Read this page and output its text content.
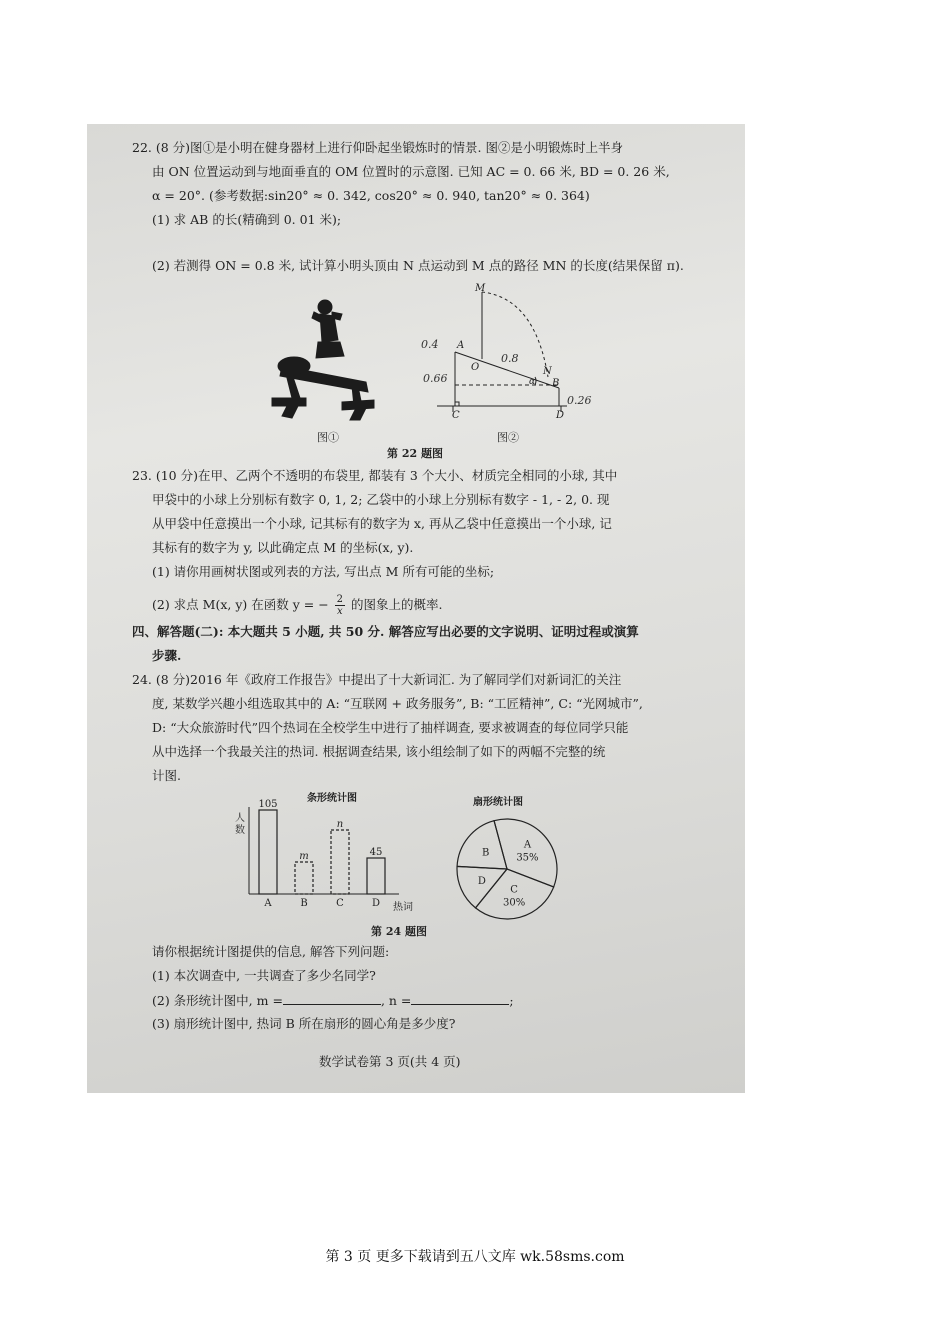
22. (8 分)图①是小明在健身器材上进行仰卧起坐锻炼时的情景. 图②是小明锻炼时上半身
由 ON 位置运动到与地面垂直的 OM 位置时的示意图. 已知 AC = 0. 66 米, BD = 0. 26 米,
α = 20°. (参考数据:sin20° ≈ 0. 342, cos20° ≈ 0. 940, tan20° ≈ 0. 364)
(1) 求 AB 的长(精确到 0. 01 米);
(2) 若测得 ON = 0.8 米, 试计算小明头顶由 N 点运动到 M 点的路径 MN 的长度(结果保留 π).
图①
M
A
O	N
B
C	D
α
0.4
0.66
0.26
0.8
图②
第 22 题图
23. (10 分)在甲、乙两个不透明的布袋里, 都装有 3 个大小、材质完全相同的小球, 其中
甲袋中的小球上分别标有数字 0, 1, 2; 乙袋中的小球上分别标有数字 - 1, - 2, 0. 现
从甲袋中任意摸出一个小球, 记其标有的数字为 x, 再从乙袋中任意摸出一个小球, 记
其标有的数字为 y, 以此确定点 M 的坐标(x, y).
(1) 请你用画树状图或列表的方法, 写出点 M 所有可能的坐标;
(2) 求点 M(x, y) 在函数 y = − $\frac{2}{x}$ 的图象上的概率.
四、解答题(二): 本大题共 5 小题, 共 50 分. 解答应写出必要的文字说明、证明过程或演算
步骤.
24. (8 分)2016 年《政府工作报告》中提出了十大新词汇. 为了解同学们对新词汇的关注
度, 某数学兴趣小组选取其中的 A: “互联网 + 政务服务”, B: “工匠精神”, C: “光网城市”,
D: “大众旅游时代”四个热词在全校学生中进行了抽样调查, 要求被调查的每位同学只能
从中选择一个我最关注的热词. 根据调查结果, 该小组绘制了如下的两幅不完整的统
计图.
条形统计图
人数
热词
105
A
m
B
n
C
45
D
扇形统计图
A
35%
C
30%
D
B
第 24 题图
请你根据统计图提供的信息, 解答下列问题:
(1) 本次调查中, 一共调查了多少名同学?
(2) 条形统计图中, m =	, n =	;
(3) 扇形统计图中, 热词 B 所在扇形的圆心角是多少度?
数学试卷第 3 页(共 4 页)
第 3 页 更多下载请到五八文库 wk.58sms.com
